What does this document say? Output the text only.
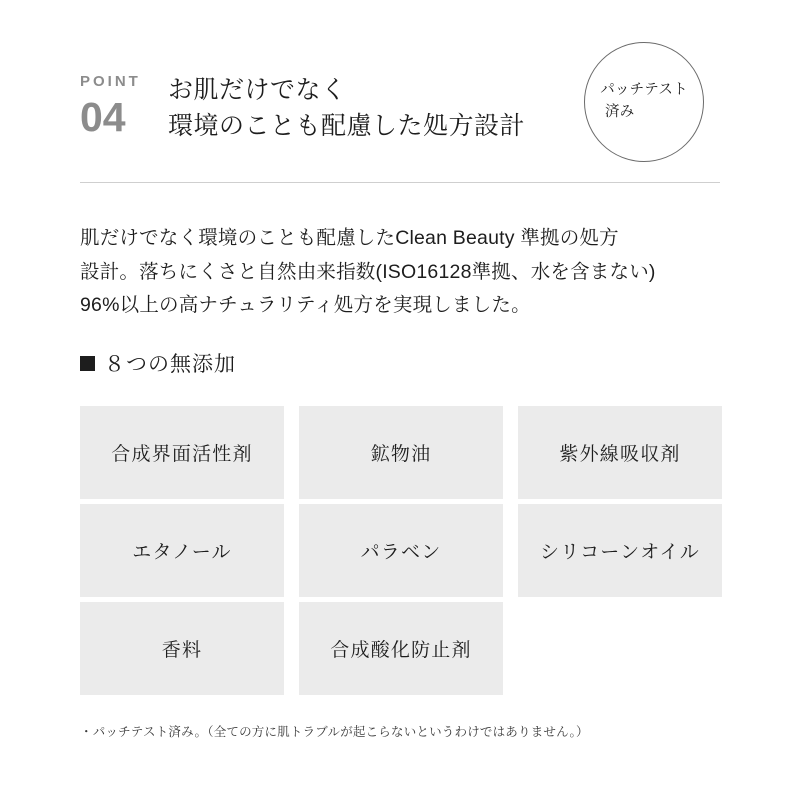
POINT
04
お肌だけでなく
環境のことも配慮した処方設計
パッチテスト
済み

肌だけでなく環境のことも配慮したClean Beauty 準拠の処方

設計。落ちにくさと自然由来指数(ISO16128準拠、水を含まない)

96%以上の高ナチュラリティ処方を実現しました。

８つの無添加
合成界面活性剤	鉱物油	紫外線吸収剤
エタノール	パラベン	シリコーンオイル
香料	合成酸化防止剤
・パッチテスト済み。（全ての方に肌トラブルが起こらないというわけではありません。）
